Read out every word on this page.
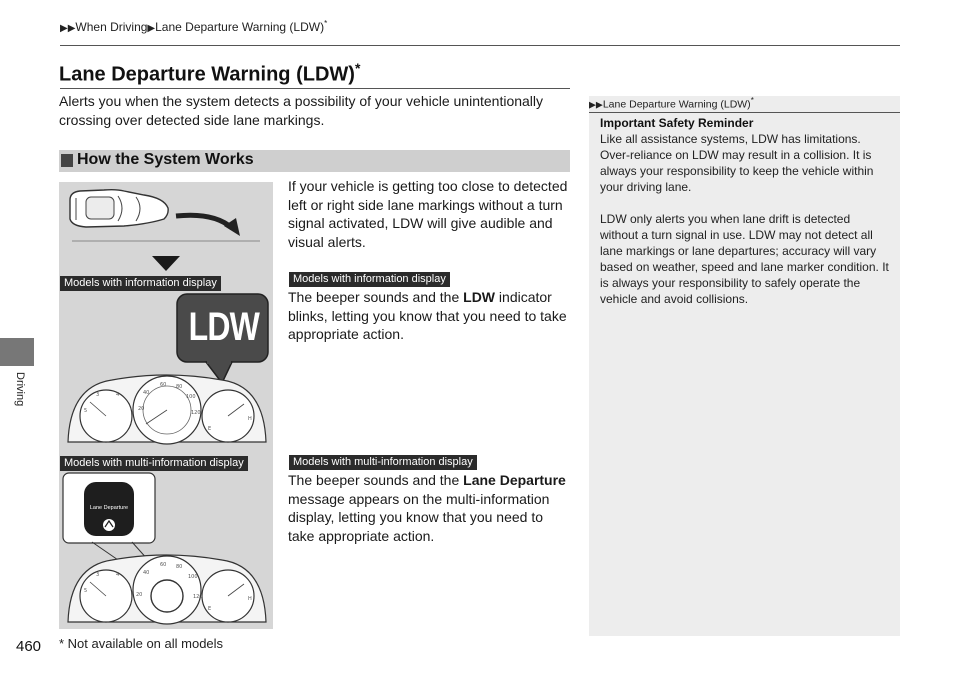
▶▶When Driving▶Lane Departure Warning (LDW)*
Lane Departure Warning (LDW)*
Alerts you when the system detects a possibility of your vehicle unintentionally crossing over detected side lane markings.
How the System Works
Models with information display
LDW
60 80
40
100
20
120
5
3	4
H
E
Models with multi-information display
Lane Departure
60 80
40
100
20	120
5
3	4
H
E
If your vehicle is getting too close to detected left or right side lane markings without a turn signal activated, LDW will give audible and visual alerts.
Models with information display
The beeper sounds and the LDW indicator blinks, letting you know that you need to take appropriate action.
Models with multi-information display
The beeper sounds and the Lane Departure message appears on the multi-information display, letting you know that you need to take appropriate action.
▶▶Lane Departure Warning (LDW)*
Important Safety Reminder
Like all assistance systems, LDW has limitations. Over-reliance on LDW may result in a collision. It is always your responsibility to keep the vehicle within your driving lane.
LDW only alerts you when lane drift is detected without a turn signal in use. LDW may not detect all lane markings or lane departures; accuracy will vary based on weather, speed and lane marker condition. It is always your responsibility to safely operate the vehicle and avoid collisions.
Driving
460 * Not available on all models
